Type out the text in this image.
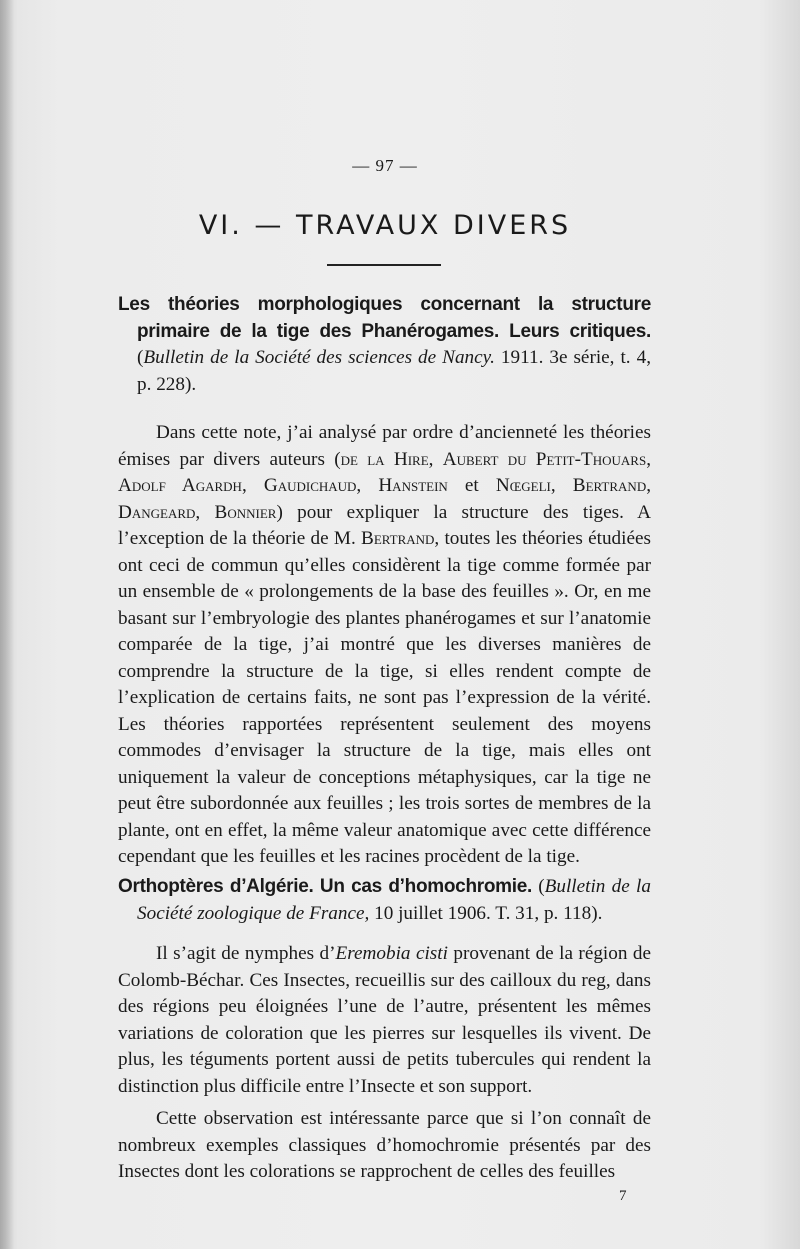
— 97 —
VI. — TRAVAUX DIVERS

Les théories morphologiques concernant la structure primaire de la tige des Phanérogames. Leurs critiques. (Bulletin de la Société des sciences de Nancy. 1911. 3e série, t. 4, p. 228).

Dans cette note, j’ai analysé par ordre d’ancienneté les théories émises par divers auteurs (de la Hire, Aubert du Petit-Thouars, Adolf Agardh, Gaudichaud, Hanstein et Nœgeli, Bertrand, Dangeard, Bonnier) pour expliquer la structure des tiges. A l’exception de la théorie de M. Bertrand, toutes les théories étudiées ont ceci de commun qu’elles considèrent la tige comme formée par un ensemble de « prolongements de la base des feuilles ». Or, en me basant sur l’embryologie des plantes phanérogames et sur l’anatomie comparée de la tige, j’ai montré que les diverses manières de comprendre la structure de la tige, si elles rendent compte de l’explication de certains faits, ne sont pas l’expression de la vérité. Les théories rapportées représentent seulement des moyens commodes d’envisager la structure de la tige, mais elles ont uniquement la valeur de conceptions métaphysiques, car la tige ne peut être subordonnée aux feuilles ; les trois sortes de membres de la plante, ont en effet, la même valeur anatomique avec cette différence cependant que les feuilles et les racines procèdent de la tige.

Orthoptères d’Algérie. Un cas d’homochromie. (Bulletin de la Société zoologique de France, 10 juillet 1906. T. 31, p. 118).

Il s’agit de nymphes d’Eremobia cisti provenant de la région de Colomb-Béchar. Ces Insectes, recueillis sur des cailloux du reg, dans des régions peu éloignées l’une de l’autre, présentent les mêmes variations de coloration que les pierres sur lesquelles ils vivent. De plus, les téguments portent aussi de petits tubercules qui rendent la distinction plus difficile entre l’Insecte et son support.

Cette observation est intéressante parce que si l’on connaît de nombreux exemples classiques d’homochromie présentés par des Insectes dont les colorations se rapprochent de celles des feuilles

7
